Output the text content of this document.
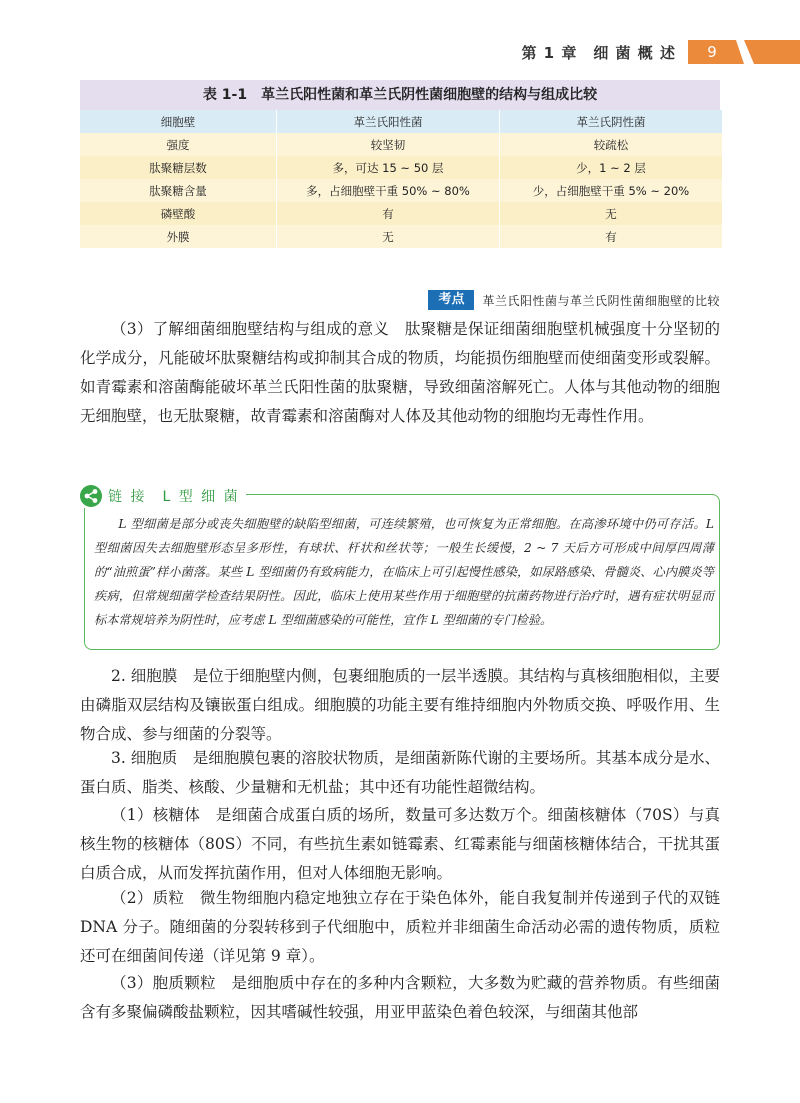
第 1 章　细 菌 概 述	9
表 1-1 革兰氏阳性菌和革兰氏阴性菌细胞壁的结构与组成比较
细胞壁	革兰氏阳性菌	革兰氏阴性菌
强度	较坚韧	较疏松
肽聚糖层数	多，可达 15 ~ 50 层	少，1 ~ 2 层
肽聚糖含量	多，占细胞壁干重 50% ~ 80%	少，占细胞壁干重 5% ~ 20%
磷壁酸	有	无
外膜	无	有
考点	革兰氏阳性菌与革兰氏阴性菌细胞壁的比较
（3）了解细菌细胞壁结构与组成的意义　肽聚糖是保证细菌细胞壁机械强度十分坚韧的化学成分，凡能破坏肽聚糖结构或抑制其合成的物质，均能损伤细胞壁而使细菌变形或裂解。如青霉素和溶菌酶能破坏革兰氏阳性菌的肽聚糖，导致细菌溶解死亡。人体与其他动物的细胞无细胞壁，也无肽聚糖，故青霉素和溶菌酶对人体及其他动物的细胞均无毒性作用。
链 接　L 型 细 菌
L 型细菌是部分或丧失细胞壁的缺陷型细菌，可连续繁殖，也可恢复为正常细胞。在高渗环境中仍可存活。L 型细菌因失去细胞壁形态呈多形性，有球状、杆状和丝状等；一般生长缓慢，2 ~ 7 天后方可形成中间厚四周薄的“油煎蛋”样小菌落。某些 L 型细菌仍有致病能力，在临床上可引起慢性感染，如尿路感染、骨髓炎、心内膜炎等疾病，但常规细菌学检查结果阴性。因此，临床上使用某些作用于细胞壁的抗菌药物进行治疗时，遇有症状明显而标本常规培养为阴性时，应考虑 L 型细菌感染的可能性，宜作 L 型细菌的专门检验。
2. 细胞膜　是位于细胞壁内侧，包裹细胞质的一层半透膜。其结构与真核细胞相似，主要由磷脂双层结构及镶嵌蛋白组成。细胞膜的功能主要有维持细胞内外物质交换、呼吸作用、生物合成、参与细菌的分裂等。
3. 细胞质　是细胞膜包裹的溶胶状物质，是细菌新陈代谢的主要场所。其基本成分是水、蛋白质、脂类、核酸、少量糖和无机盐；其中还有功能性超微结构。
（1）核糖体　是细菌合成蛋白质的场所，数量可多达数万个。细菌核糖体（70S）与真核生物的核糖体（80S）不同，有些抗生素如链霉素、红霉素能与细菌核糖体结合，干扰其蛋白质合成，从而发挥抗菌作用，但对人体细胞无影响。
（2）质粒　微生物细胞内稳定地独立存在于染色体外，能自我复制并传递到子代的双链 DNA 分子。随细菌的分裂转移到子代细胞中，质粒并非细菌生命活动必需的遗传物质，质粒还可在细菌间传递（详见第 9 章）。
（3）胞质颗粒　是细胞质中存在的多种内含颗粒，大多数为贮藏的营养物质。有些细菌含有多聚偏磷酸盐颗粒，因其嗜碱性较强，用亚甲蓝染色着色较深，与细菌其他部
